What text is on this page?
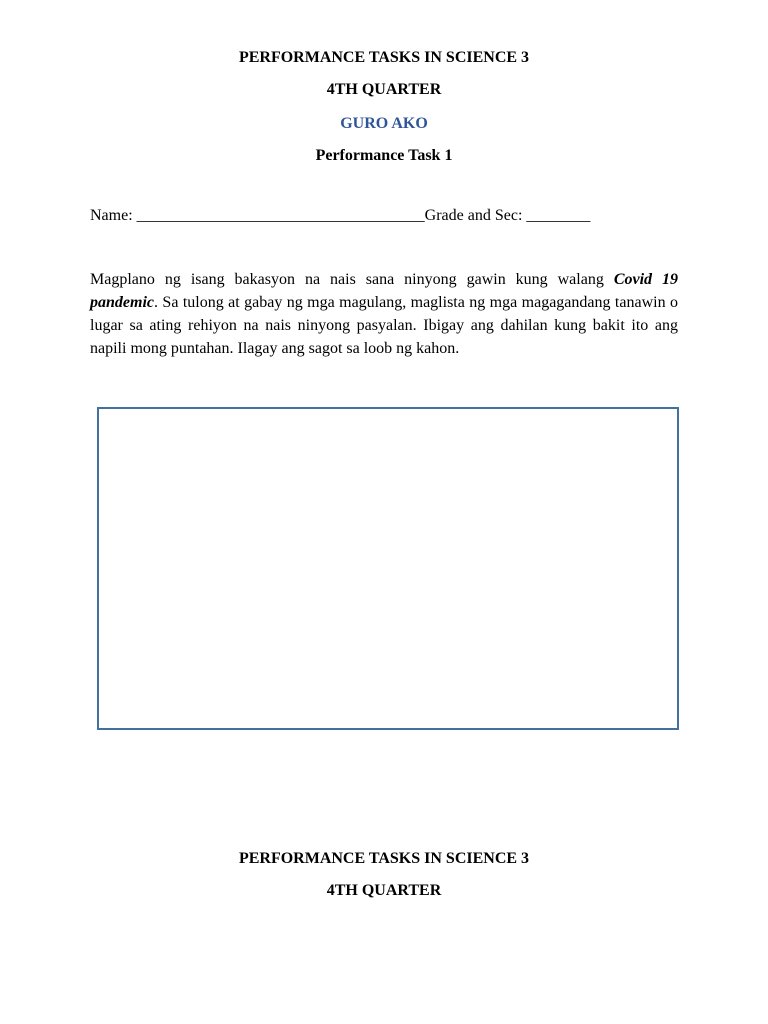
PERFORMANCE TASKS IN SCIENCE 3
4TH QUARTER
GURO AKO
Performance Task 1
Name: ____________________________________Grade and Sec: ________
Magplano ng isang bakasyon na nais sana ninyong gawin kung walang Covid 19 pandemic. Sa tulong at gabay ng mga magulang, maglista ng mga magagandang tanawin o lugar sa ating rehiyon na nais ninyong pasyalan. Ibigay ang dahilan kung bakit ito ang napili mong puntahan. Ilagay ang sagot sa loob ng kahon.
PERFORMANCE TASKS IN SCIENCE 3
4TH QUARTER
